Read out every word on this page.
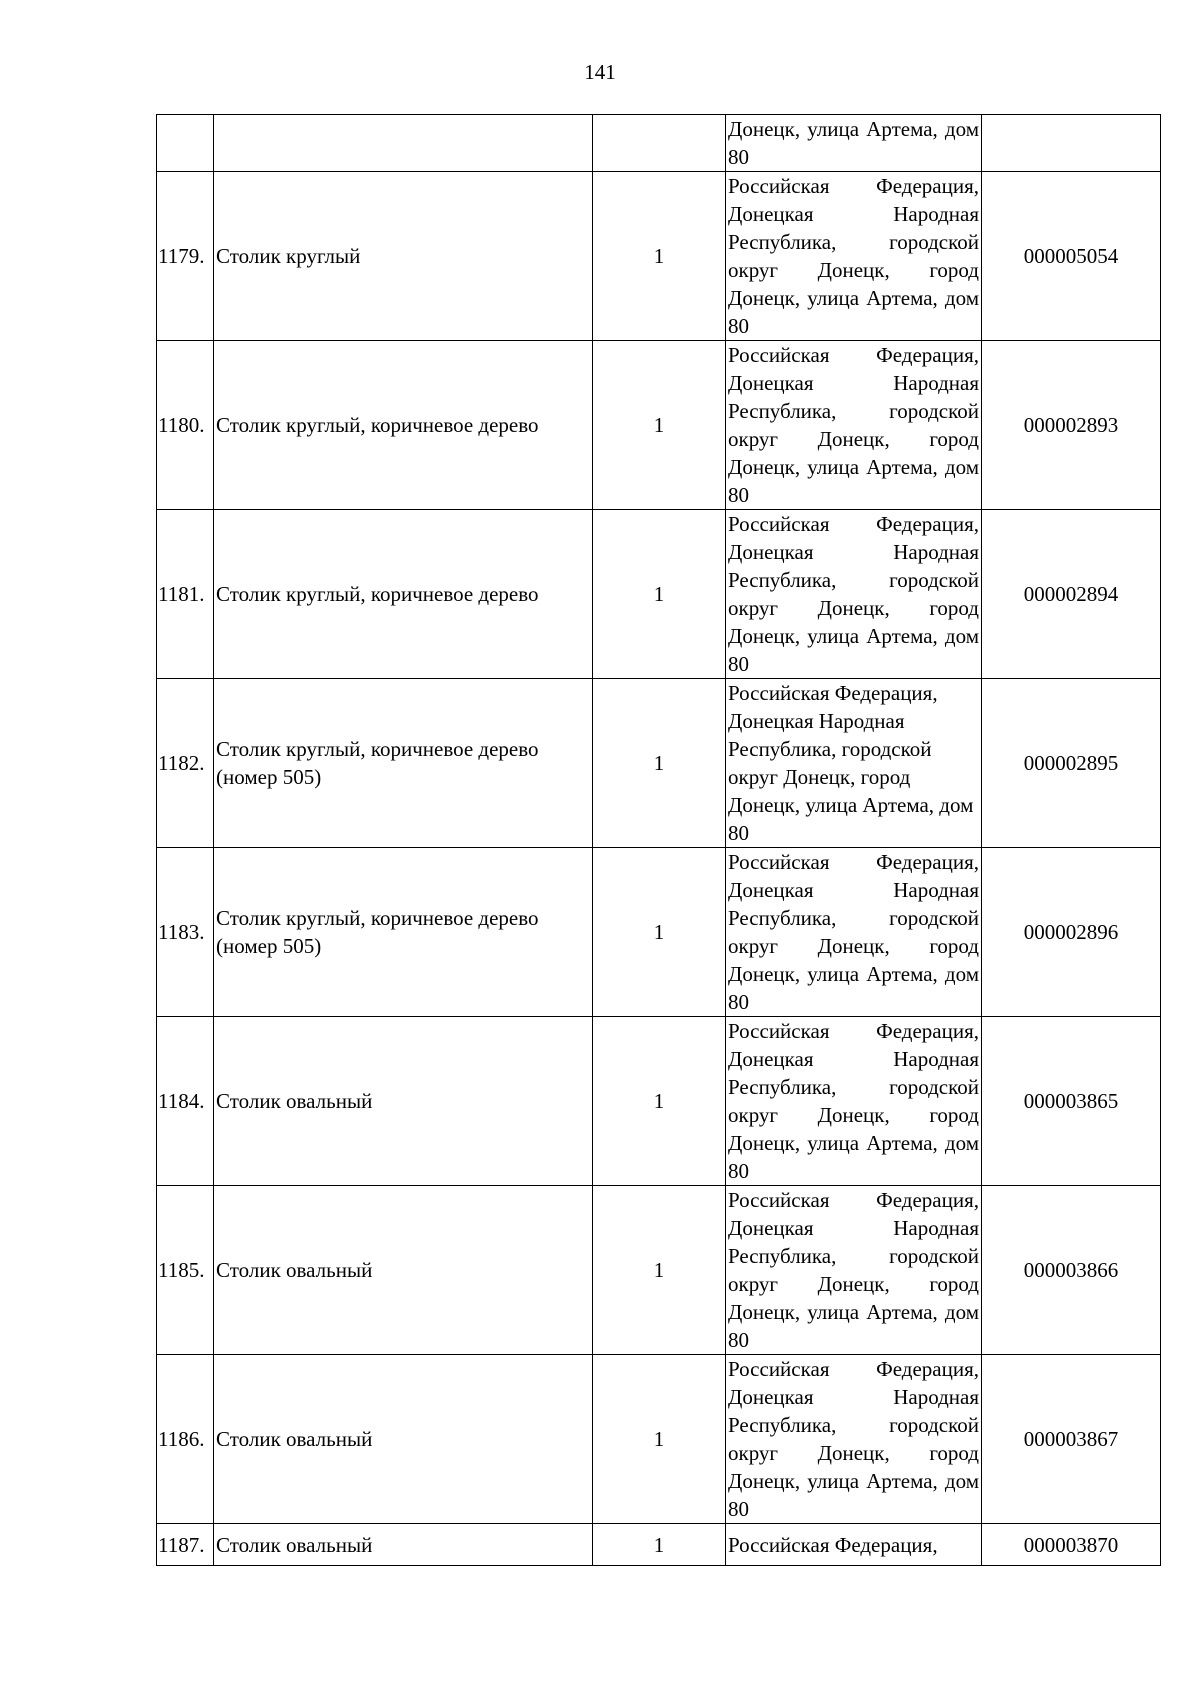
141
			Донецк, улица Артема, дом 80	
1179.	Столик круглый	1	Российская Федерация, Донецкая Народная Республика, городской округ Донецк, город Донецк, улица Артема, дом 80	000005054
1180.	Столик круглый, коричневое дерево	1	Российская Федерация, Донецкая Народная Республика, городской округ Донецк, город Донецк, улица Артема, дом 80	000002893
1181.	Столик круглый, коричневое дерево	1	Российская Федерация, Донецкая Народная Республика, городской округ Донецк, город Донецк, улица Артема, дом 80	000002894
1182.	Столик круглый, коричневое дерево (номер 505)	1	Российская Федерация, Донецкая Народная Республика, городской округ Донецк, город Донецк, улица Артема, дом 80	000002895
1183.	Столик круглый, коричневое дерево (номер 505)	1	Российская Федерация, Донецкая Народная Республика, городской округ Донецк, город Донецк, улица Артема, дом 80	000002896
1184.	Столик овальный	1	Российская Федерация, Донецкая Народная Республика, городской округ Донецк, город Донецк, улица Артема, дом 80	000003865
1185.	Столик овальный	1	Российская Федерация, Донецкая Народная Республика, городской округ Донецк, город Донецк, улица Артема, дом 80	000003866
1186.	Столик овальный	1	Российская Федерация, Донецкая Народная Республика, городской округ Донецк, город Донецк, улица Артема, дом 80	000003867
1187.	Столик овальный	1	Российская Федерация,	000003870
